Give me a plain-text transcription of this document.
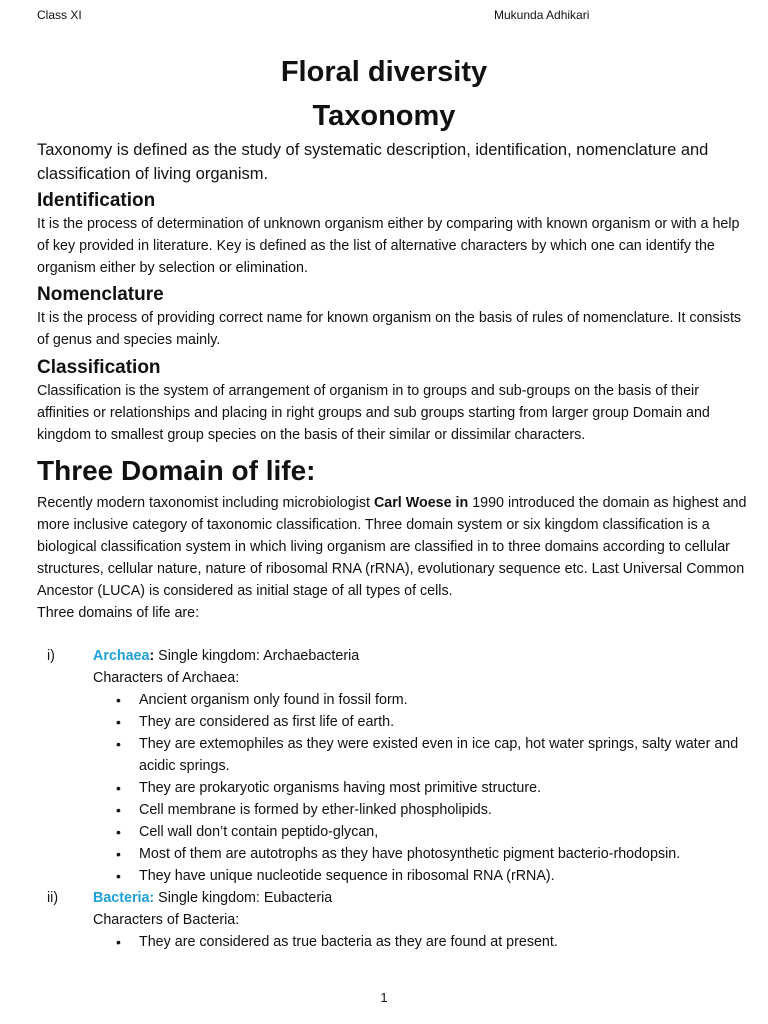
Class XI	Mukunda Adhikari
Floral diversity
Taxonomy

Taxonomy is defined as the study of systematic description, identification, nomenclature and classification of living organism.

Identification

It is the process of determination of unknown organism either by comparing with known organism or with a help of key provided in literature. Key is defined as the list of alternative characters by which one can identify the organism either by selection or elimination.

Nomenclature

It is the process of providing correct name for known organism on the basis of rules of nomenclature. It consists of genus and species mainly.

Classification

Classification is the system of arrangement of organism in to groups and sub-groups on the basis of their affinities or relationships and placing in right groups and sub groups starting from larger group Domain and kingdom to smallest group species on the basis of their similar or dissimilar characters.

Three Domain of life:

Recently modern taxonomist including microbiologist Carl Woese in 1990 introduced the domain as highest and more inclusive category of taxonomic classification. Three domain system or six kingdom classification is a biological classification system in which living organism are classified in to three domains according to cellular structures, cellular nature, nature of ribosomal RNA (rRNA), evolutionary sequence etc. Last Universal Common Ancestor (LUCA) is considered as initial stage of all types of cells.

Three domains of life are:

i)	Archaea: Single kingdom: Archaebacteria
Characters of Archaea:
• Ancient organism only found in fossil form.
• They are considered as first life of earth.
• They are extemophiles as they were existed even in ice cap, hot water springs, salty water and acidic springs.
• They are prokaryotic organisms having most primitive structure.
• Cell membrane is formed by ether-linked phospholipids.
• Cell wall don’t contain peptido-glycan,
• Most of them are autotrophs as they have photosynthetic pigment bacterio-rhodopsin.
• They have unique nucleotide sequence in ribosomal RNA (rRNA).
ii)	Bacteria: Single kingdom: Eubacteria
Characters of Bacteria:
• They are considered as true bacteria as they are found at present.
1
